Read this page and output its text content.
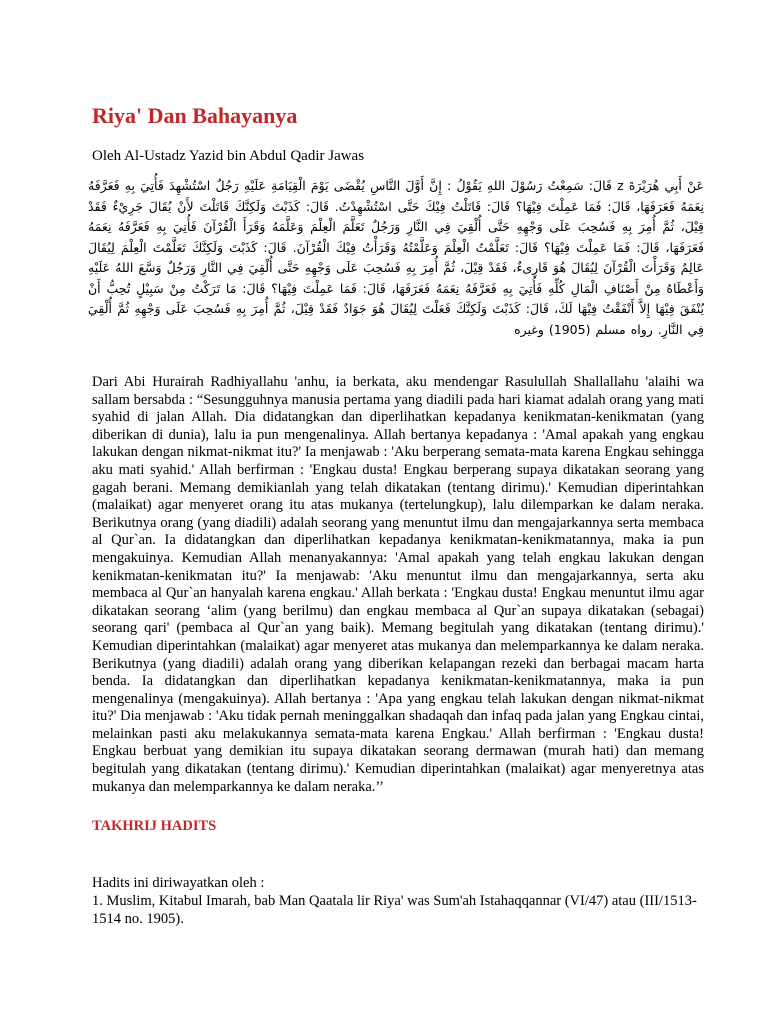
Riya' Dan Bahayanya
Oleh Al-Ustadz Yazid bin Abdul Qadir Jawas
عَنْ أَبِي هُرَيْرَةَ z قَالَ: سَمِعْتُ رَسُوْلَ اللهِ يَقُوْلُ : إِنَّ أَوَّلَ النَّاسِ يُقْضَى يَوْمَ الْقِيَامَةِ عَلَيْهِ رَجُلٌ اسْتُشْهِدَ فَأُتِيَ بِهِ فَعَرَّفَهُ نِعَمَهُ فَعَرَفَهَا، قَالَ: فَمَا عَمِلْتَ فِيْهَا؟ قَالَ: قَاتَلْتُ فِيْكَ حَتَّى اسْتُشْهِدْتُ. قَالَ: كَذَبْتَ وَلَكِنَّكَ قَاتَلْتَ لأَنْ يُقَالَ جَرِيْءٌ فَقَدْ قِيْلَ، ثُمَّ أُمِرَ بِهِ فَسُحِبَ عَلَى وَجْهِهِ حَتَّى أُلْقِيَ فِي النَّارِ وَرَجُلٌ تَعَلَّمَ الْعِلْمَ وَعَلَّمَهُ وَقَرَأَ الْقُرْآنَ فَأُتِيَ بِهِ فَعَرَّفَهُ نِعَمَهُ فَعَرَفَهَا، قَالَ: فَمَا عَمِلْتَ فِيْهَا؟ قَالَ: تَعَلَّمْتُ الْعِلْمَ وَعَلَّمْتُهُ وَقَرَأْتُ فِيْكَ الْقُرْآنَ. قَالَ: كَذَبْتَ وَلَكِنَّكَ تَعَلَّمْتَ الْعِلْمَ لِيُقَالَ عَالِمٌ وَقَرَأْتَ الْقُرْآنَ لِيُقَالَ هُوَ قَارِىءٌ، فَقَدْ قِيْلَ، ثُمَّ أُمِرَ بِهِ فَسُحِبَ عَلَى وَجْهِهِ حَتَّى أُلْقِيَ فِي النَّارِ وَرَجُلٌ وَسَّعَ اللهُ عَلَيْهِ وَأَعْطَاهُ مِنْ أَصْنَافِ الْمَالِ كُلِّهِ فَأُتِيَ بِهِ فَعَرَّفَهُ نِعَمَهُ فَعَرَفَهَا، قَالَ: فَمَا عَمِلْتَ فِيْهَا؟ قَالَ: مَا تَرَكْتُ مِنْ سَبِيْلٍ تُحِبُّ أَنْ يُنْفَقَ فِيْهَا إِلاَّ أَنْفَقْتُ فِيْهَا لَكَ، قَالَ: كَذَبْتَ وَلَكِنَّكَ فَعَلْتَ لِيُقَالَ هُوَ جَوَادٌ فَقَدْ قِيْلَ، ثُمَّ أُمِرَ بِهِ فَسُحِبَ عَلَى وَجْهِهِ ثُمَّ أُلْقِيَ فِي النَّارِ. رواه مسلم (1905) وغيره
Dari Abi Hurairah Radhiyallahu 'anhu, ia berkata, aku mendengar Rasulullah Shallallahu 'alaihi wa sallam bersabda : “Sesungguhnya manusia pertama yang diadili pada hari kiamat adalah orang yang mati syahid di jalan Allah. Dia didatangkan dan diperlihatkan kepadanya kenikmatan-kenikmatan (yang diberikan di dunia), lalu ia pun mengenalinya. Allah bertanya kepadanya : 'Amal apakah yang engkau lakukan dengan nikmat-nikmat itu?' Ia menjawab : 'Aku berperang semata-mata karena Engkau sehingga aku mati syahid.' Allah berfirman : 'Engkau dusta! Engkau berperang supaya dikatakan seorang yang gagah berani. Memang demikianlah yang telah dikatakan (tentang dirimu).' Kemudian diperintahkan (malaikat) agar menyeret orang itu atas mukanya (tertelungkup), lalu dilemparkan ke dalam neraka. Berikutnya orang (yang diadili) adalah seorang yang menuntut ilmu dan mengajarkannya serta membaca al Qur`an. Ia didatangkan dan diperlihatkan kepadanya kenikmatan-kenikmatannya, maka ia pun mengakuinya. Kemudian Allah menanyakannya: 'Amal apakah yang telah engkau lakukan dengan kenikmatan-kenikmatan itu?' Ia menjawab: 'Aku menuntut ilmu dan mengajarkannya, serta aku membaca al Qur`an hanyalah karena engkau.' Allah berkata : 'Engkau dusta! Engkau menuntut ilmu agar dikatakan seorang ‘alim (yang berilmu) dan engkau membaca al Qur`an supaya dikatakan (sebagai) seorang qari' (pembaca al Qur`an yang baik). Memang begitulah yang dikatakan (tentang dirimu).' Kemudian diperintahkan (malaikat) agar menyeret atas mukanya dan melemparkannya ke dalam neraka. Berikutnya (yang diadili) adalah orang yang diberikan kelapangan rezeki dan berbagai macam harta benda. Ia didatangkan dan diperlihatkan kepadanya kenikmatan-kenikmatannya, maka ia pun mengenalinya (mengakuinya). Allah bertanya : 'Apa yang engkau telah lakukan dengan nikmat-nikmat itu?' Dia menjawab : 'Aku tidak pernah meninggalkan shadaqah dan infaq pada jalan yang Engkau cintai, melainkan pasti aku melakukannya semata-mata karena Engkau.' Allah berfirman : 'Engkau dusta! Engkau berbuat yang demikian itu supaya dikatakan seorang dermawan (murah hati) dan memang begitulah yang dikatakan (tentang dirimu).' Kemudian diperintahkan (malaikat) agar menyeretnya atas mukanya dan melemparkannya ke dalam neraka.’’
TAKHRIJ HADITS
Hadits ini diriwayatkan oleh :
1. Muslim, Kitabul Imarah, bab Man Qaatala lir Riya' was Sum'ah Istahaqqannar (VI/47) atau (III/1513-1514 no. 1905).
